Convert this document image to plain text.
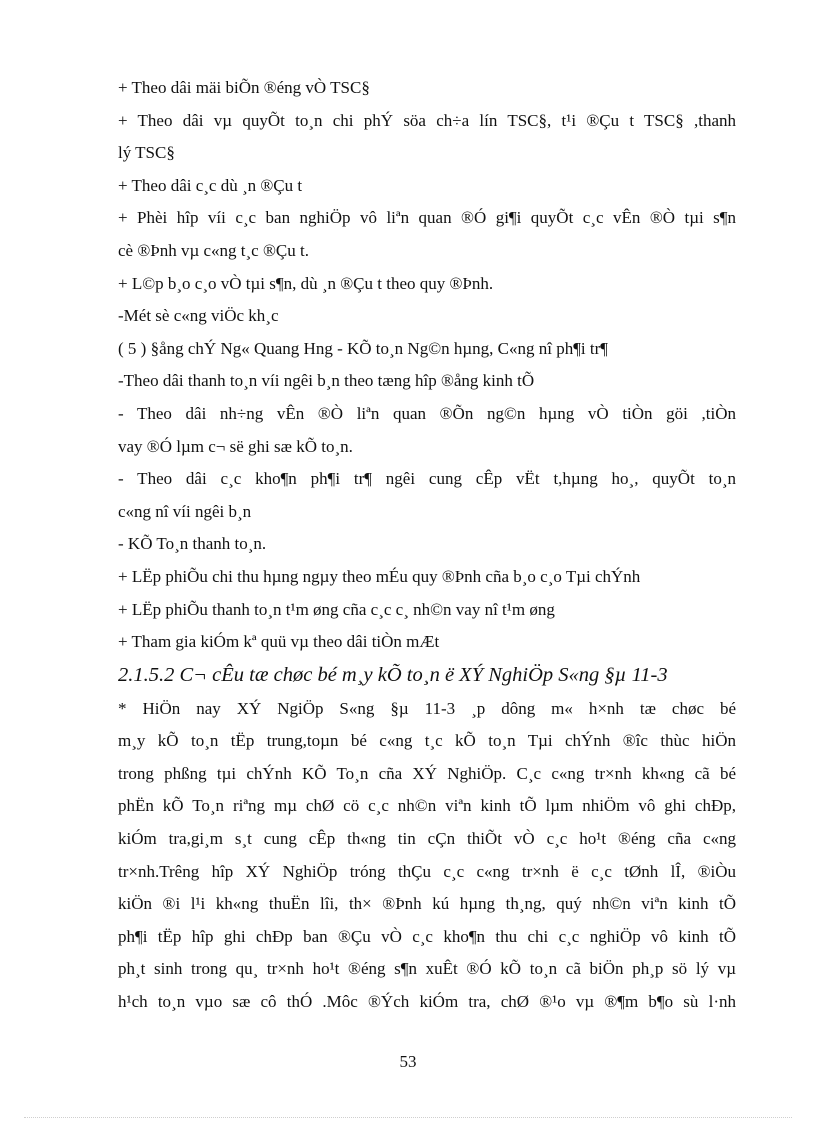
+ Theo dâi mäi biÕn ®éng vÒ TSC§
+ Theo dâi vµ quyÕt to¸n chi phÝ söa ch÷a lín TSC§, t¹i ®Çu t TSC§ ,thanh
lý TSC§
+ Theo dâi c¸c dù ¸n ®Çu t
+ Phèi hîp víi c¸c ban nghiÖp vô liªn quan ®Ó gi¶i quyÕt c¸c vÊn ®Ò tµi s¶n
cè ®Þnh vµ c«ng t¸c ®Çu t.
+ L©p b¸o c¸o vÒ tµi s¶n, dù ¸n ®Çu t theo quy ®Þnh.
-Mét sè c«ng viÖc kh¸c
( 5 ) §ång chÝ Ng« Quang Hng - KÕ to¸n Ng©n hµng, C«ng nî ph¶i tr¶
-Theo dâi thanh to¸n víi ngêi b¸n theo tæng hîp ®ång kinh tÕ
- Theo dâi nh÷ng vÊn ®Ò liªn quan ®Õn ng©n hµng vÒ tiÒn göi ,tiÒn
vay ®Ó lµm c¬ së ghi sæ kÕ to¸n.
- Theo dâi c¸c kho¶n ph¶i tr¶ ngêi cung cÊp vËt t,hµng ho¸, quyÕt to¸n
c«ng nî víi ngêi b¸n
- KÕ To¸n thanh to¸n.
+ LËp phiÕu chi thu hµng ngµy theo mÉu quy ®Þnh cña b¸o c¸o Tµi chÝnh
+ LËp phiÕu thanh to¸n t¹m øng cña c¸c c¸ nh©n vay nî t¹m øng
+ Tham gia kiÓm kª quü vµ theo dâi tiÒn mÆt
2.1.5.2 C¬ cÊu tæ chøc bé m¸y kÕ to¸n ë XÝ NghiÖp S«ng §µ 11-3
* HiÖn nay XÝ NgiÖp S«ng §µ 11-3 ¸p dông m« h×nh tæ chøc bé
m¸y kÕ to¸n tËp trung,toµn bé c«ng t¸c kÕ to¸n Tµi chÝnh ®îc thùc hiÖn
trong phßng tµi chÝnh KÕ To¸n cña XÝ NghiÖp. C¸c c«ng tr×nh kh«ng cã bé
phËn kÕ To¸n riªng mµ chØ cö c¸c nh©n viªn kinh tÕ lµm nhiÖm vô ghi chÐp,
kiÓm tra,gi¸m s¸t cung cÊp th«ng tin cÇn thiÕt vÒ c¸c ho¹t ®éng cña c«ng
tr×nh.Trêng hîp XÝ NghiÖp tróng thÇu c¸c c«ng tr×nh ë c¸c tØnh lÎ, ®iÒu
kiÖn ®i l¹i kh«ng thuËn lîi, th× ®Þnh kú hµng th¸ng, quý nh©n viªn kinh tÕ
ph¶i tËp hîp ghi chÐp ban ®Çu vÒ c¸c kho¶n thu chi c¸c nghiÖp vô kinh tÕ
ph¸t sinh trong qu¸ tr×nh ho¹t ®éng s¶n xuÊt ®Ó kÕ to¸n cã biÖn ph¸p sö lý vµ
h¹ch to¸n vµo sæ cô thÓ .Môc ®Ých kiÓm tra, chØ ®¹o vµ ®¶m b¶o sù l·nh
53
